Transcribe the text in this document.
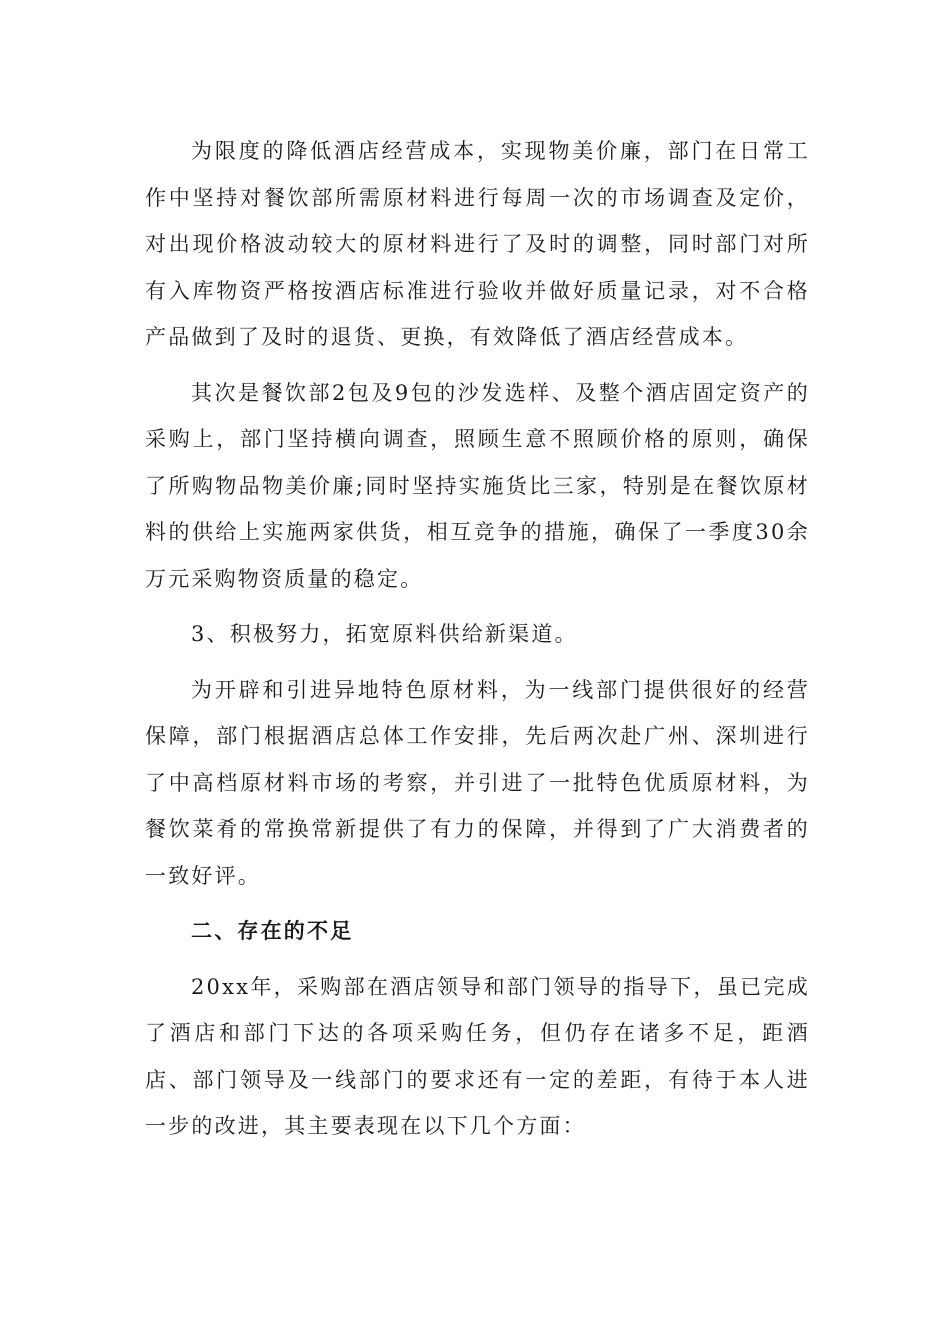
为限度的降低酒店经营成本，实现物美价廉，部门在日常工作中坚持对餐饮部所需原材料进行每周一次的市场调查及定价，对出现价格波动较大的原材料进行了及时的调整，同时部门对所有入库物资严格按酒店标准进行验收并做好质量记录，对不合格产品做到了及时的退货、更换，有效降低了酒店经营成本。

其次是餐饮部2包及9包的沙发选样、及整个酒店固定资产的采购上，部门坚持横向调查，照顾生意不照顾价格的原则，确保了所购物品物美价廉;同时坚持实施货比三家，特别是在餐饮原材料的供给上实施两家供货，相互竞争的措施，确保了一季度30余万元采购物资质量的稳定。

3、积极努力，拓宽原料供给新渠道。

为开辟和引进异地特色原材料，为一线部门提供很好的经营保障，部门根据酒店总体工作安排，先后两次赴广州、深圳进行了中高档原材料市场的考察，并引进了一批特色优质原材料，为餐饮菜肴的常换常新提供了有力的保障，并得到了广大消费者的一致好评。

二、存在的不足

20xx年，采购部在酒店领导和部门领导的指导下，虽已完成了酒店和部门下达的各项采购任务，但仍存在诸多不足，距酒店、部门领导及一线部门的要求还有一定的差距，有待于本人进一步的改进，其主要表现在以下几个方面：
